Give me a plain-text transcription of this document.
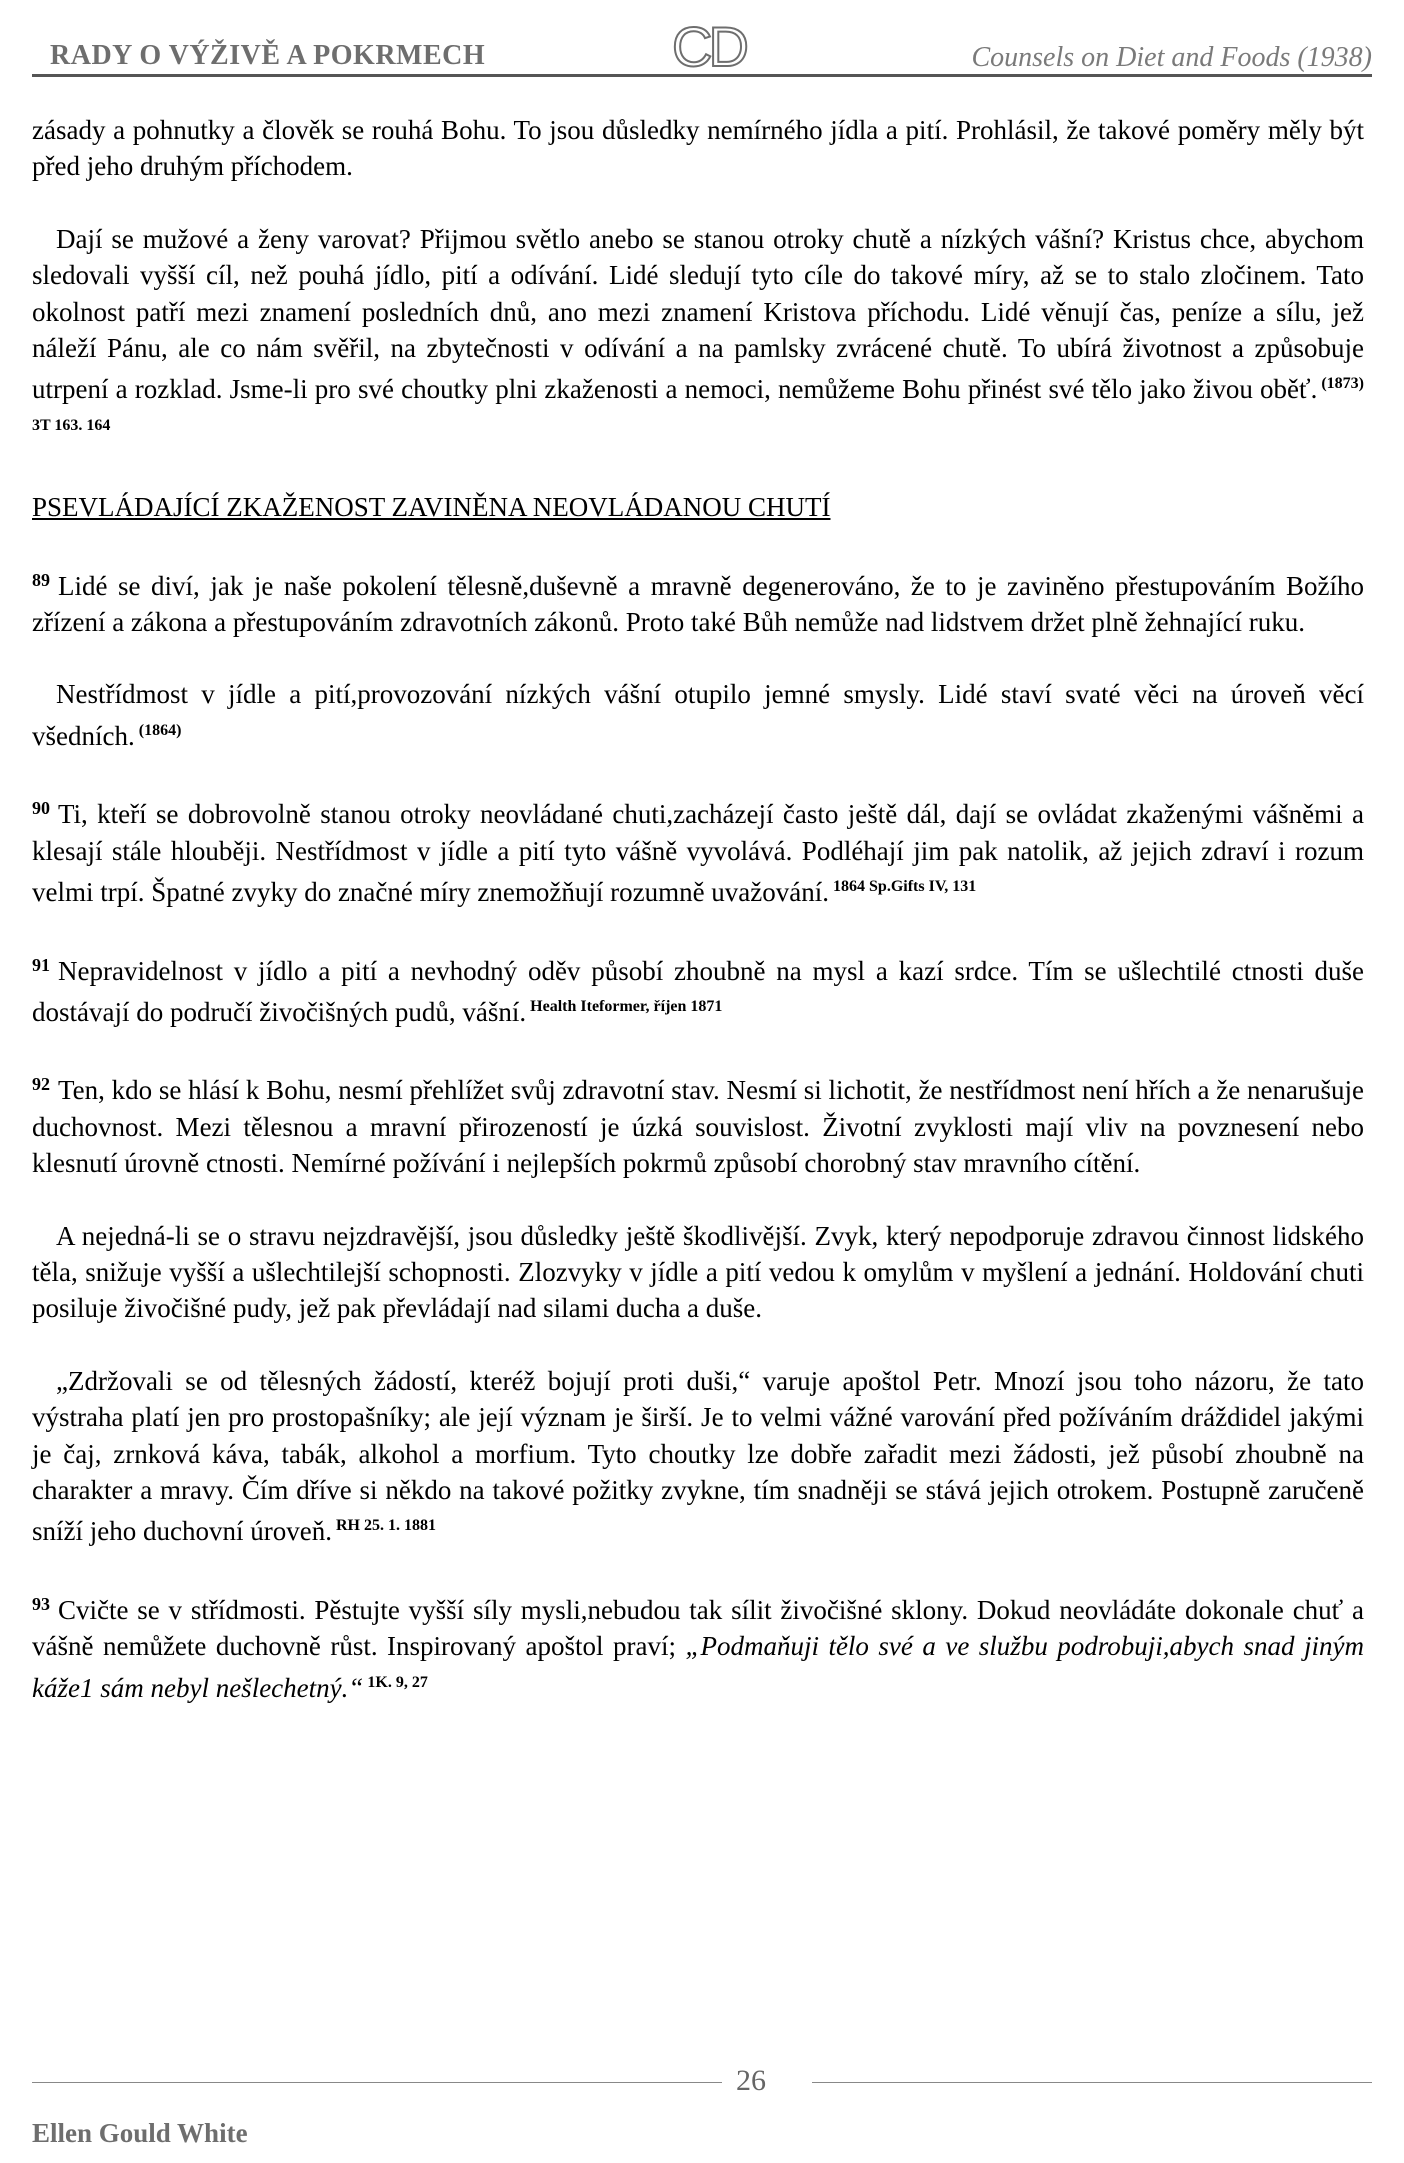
RADY O VÝŽIVĚ A POKRMECH	CD	Counsels on Diet and Foods (1938)

zásady a pohnutky a člověk se rouhá Bohu. To jsou důsledky nemírného jídla a pití. Prohlásil, že takové poměry měly být před jeho druhým příchodem.

Dají se mužové a ženy varovat? Přijmou světlo anebo se stanou otroky chutě a nízkých vášní? Kristus chce, abychom sledovali vyšší cíl, než pouhá jídlo, pití a odívání. Lidé sledují tyto cíle do takové míry, až se to stalo zločinem. Tato okolnost patří mezi znamení posledních dnů, ano mezi znamení Kristova příchodu. Lidé věnují čas, peníze a sílu, jež náleží Pánu, ale co nám svěřil, na zbytečnosti v odívání a na pamlsky zvrácené chutě. To ubírá životnost a způsobuje utrpení a rozklad. Jsme-li pro své choutky plni zkaženosti a nemoci, nemůžeme Bohu přinést své tělo jako živou oběť. $^{(1873) 3T 163. 164}$

PSEVLÁDAJÍCÍ ZKAŽENOST ZAVINĚNA NEOVLÁDANOU CHUTÍ

$^{89}$ Lidé se diví, jak je naše pokolení tělesně,duševně a mravně degenerováno, že to je zaviněno přestupováním Božího zřízení a zákona a přestupováním zdravotních zákonů. Proto také Bůh nemůže nad lidstvem držet plně žehnající ruku.

Nestřídmost v jídle a pití,provozování nízkých vášní otupilo jemné smysly. Lidé staví svaté věci na úroveň věcí všedních. $^{(1864)}$

$^{90}$ Ti, kteří se dobrovolně stanou otroky neovládané chuti,zacházejí často ještě dál, dají se ovládat zkaženými vášněmi a klesají stále hlouběji. Nestřídmost v jídle a pití tyto vášně vyvolává. Podléhají jim pak natolik, až jejich zdraví i rozum velmi trpí. Špatné zvyky do značné míry znemožňují rozumně uvažování. $^{1864 Sp.Gifts IV, 131}$

$^{91}$ Nepravidelnost v jídlo a pití a nevhodný oděv působí zhoubně na mysl a kazí srdce. Tím se ušlechtilé ctnosti duše dostávají do područí živočišných pudů, vášní. $^{Health Iteformer, říjen 1871}$

$^{92}$ Ten, kdo se hlásí k Bohu, nesmí přehlížet svůj zdravotní stav. Nesmí si lichotit, že nestřídmost není hřích a že nenarušuje duchovnost. Mezi tělesnou a mravní přirozeností je úzká souvislost. Životní zvyklosti mají vliv na povznesení nebo klesnutí úrovně ctnosti. Nemírné požívání i nejlepších pokrmů způsobí chorobný stav mravního cítění.

A nejedná-li se o stravu nejzdravější, jsou důsledky ještě škodlivější. Zvyk, který nepodporuje zdravou činnost lidského těla, snižuje vyšší a ušlechtilejší schopnosti. Zlozvyky v jídle a pití vedou k omylům v myšlení a jednání. Holdování chuti posiluje živočišné pudy, jež pak převládají nad silami ducha a duše.

„Zdržovali se od tělesných žádostí, kteréž bojují proti duši,“ varuje apoštol Petr. Mnozí jsou toho názoru, že tato výstraha platí jen pro prostopašníky; ale její význam je širší. Je to velmi vážné varování před požíváním dráždidel jakými je čaj, zrnková káva, tabák, alkohol a morfium. Tyto choutky lze dobře zařadit mezi žádosti, jež působí zhoubně na charakter a mravy. Čím dříve si někdo na takové požitky zvykne, tím snadněji se stává jejich otrokem. Postupně zaručeně sníží jeho duchovní úroveň. $^{RH 25. 1. 1881}$

$^{93}$ Cvičte se v střídmosti. Pěstujte vyšší síly mysli,nebudou tak sílit živočišné sklony. Dokud neovládáte dokonale chuť a vášně nemůžete duchovně růst. Inspirovaný apoštol praví; „Podmaňuji tělo své a ve službu podrobuji,abych snad jiným káže1 sám nebyl nešlechetný.“ $^{1K. 9, 27}$

26
Ellen Gould White
